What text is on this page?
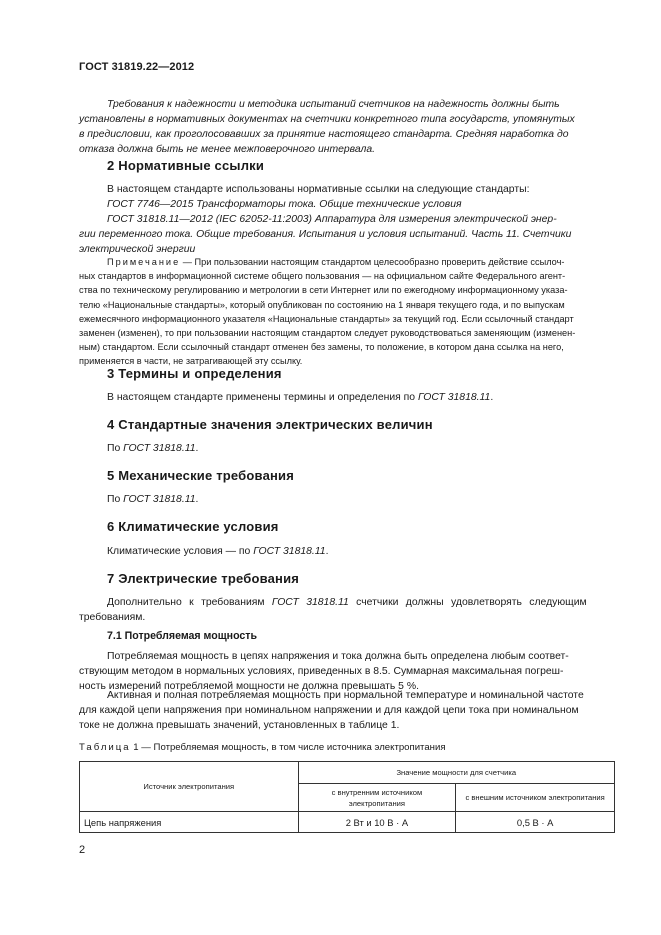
ГОСТ 31819.22—2012
Требования к надежности и методика испытаний счетчиков на надежность должны быть
установлены в нормативных документах на счетчики конкретного типа государств, упомянутых
в предисловии, как проголосовавших за принятие настоящего стандарта. Средняя наработка до
отказа должна быть не менее межповерочного интервала.
2 Нормативные ссылки
В настоящем стандарте использованы нормативные ссылки на следующие стандарты:
ГОСТ 7746—2015 Трансформаторы тока. Общие технические условия
ГОСТ 31818.11—2012 (IEC 62052-11:2003) Аппаратура для измерения электрической энер-
гии переменного тока. Общие требования. Испытания и условия испытаний. Часть 11. Счетчики
электрической энергии
Примечание — При пользовании настоящим стандартом целесообразно проверить действие ссылоч-
ных стандартов в информационной системе общего пользования — на официальном сайте Федерального агент-
ства по техническому регулированию и метрологии в сети Интернет или по ежегодному информационному указа-
телю «Национальные стандарты», который опубликован по состоянию на 1 января текущего года, и по выпускам
ежемесячного информационного указателя «Национальные стандарты» за текущий год. Если ссылочный стандарт
заменен (изменен), то при пользовании настоящим стандартом следует руководствоваться заменяющим (изменен-
ным) стандартом. Если ссылочный стандарт отменен без замены, то положение, в котором дана ссылка на него,
применяется в части, не затрагивающей эту ссылку.
3 Термины и определения
В настоящем стандарте применены термины и определения по ГОСТ 31818.11.
4 Стандартные значения электрических величин
По ГОСТ 31818.11.
5 Механические требования
По ГОСТ 31818.11.
6 Климатические условия
Климатические условия — по ГОСТ 31818.11.
7 Электрические требования
Дополнительно к требованиям ГОСТ 31818.11 счетчики должны удовлетворять следующим
требованиям.
7.1 Потребляемая мощность
Потребляемая мощность в цепях напряжения и тока должна быть определена любым соответ-
ствующим методом в нормальных условиях, приведенных в 8.5. Суммарная максимальная погреш-
ность измерений потребляемой мощности не должна превышать 5 %.
Активная и полная потребляемая мощность при нормальной температуре и номинальной частоте
для каждой цепи напряжения при номинальном напряжении и для каждой цепи тока при номинальном
токе не должна превышать значений, установленных в таблице 1.
Таблица 1 — Потребляемая мощность, в том числе источника электропитания
Источник электропитания	Значение мощности для счетчика	
	с внутренним источником электропитания	с внешним источником электропитания
Цепь напряжения	2 Вт и 10 В · А	0,5 В · А
2
